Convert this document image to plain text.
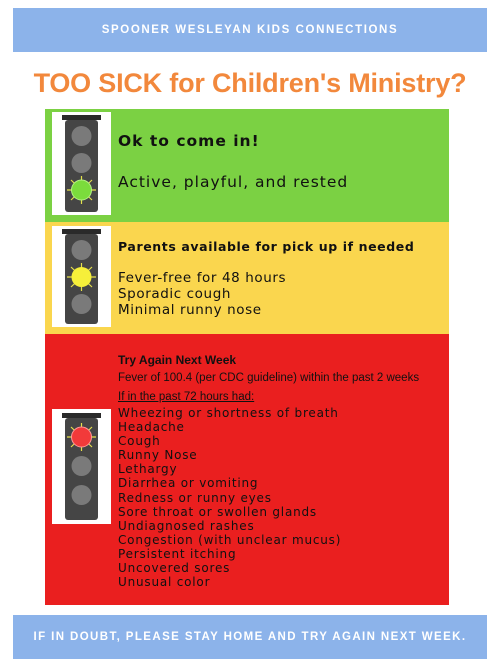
SPOONER WESLEYAN KIDS CONNECTIONS
TOO SICK for Children's Ministry?
Ok to come in!
Active, playful, and rested
Parents available for pick up if needed
Fever-free for 48 hours
Sporadic cough
Minimal runny nose
Try Again Next Week
Fever of 100.4 (per CDC guideline) within the past 2 weeks
If in the past 72 hours had:
Wheezing or shortness of breath
Headache
Cough
Runny Nose
Lethargy
Diarrhea or vomiting
Redness or runny eyes
Sore throat or swollen glands
Undiagnosed rashes
Congestion (with unclear mucus)
Persistent itching
Uncovered sores
Unusual color
IF IN DOUBT, PLEASE STAY HOME AND TRY AGAIN NEXT WEEK.
